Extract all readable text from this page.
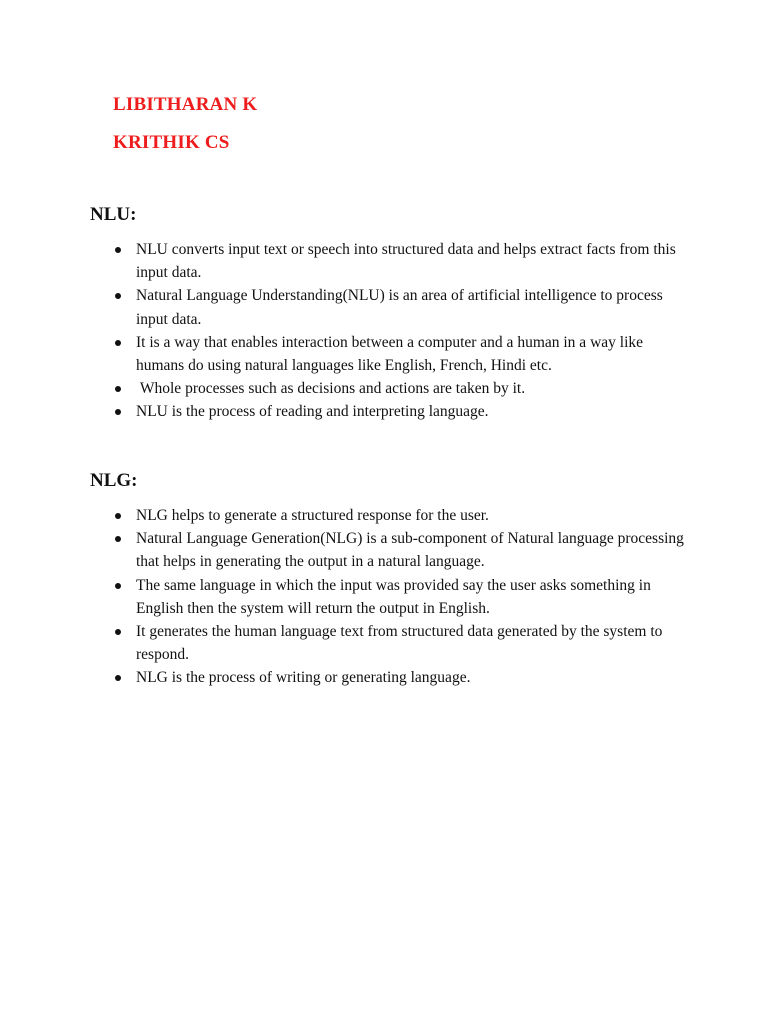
LIBITHARAN K
KRITHIK CS
NLU:
NLU converts input text or speech into structured data and helps extract facts from this input data.
Natural Language Understanding(NLU) is an area of artificial intelligence to process input data.
It is a way that enables interaction between a computer and a human in a way like humans do using natural languages like English, French, Hindi etc.
Whole processes such as decisions and actions are taken by it.
NLU is the process of reading and interpreting language.
NLG:
NLG helps to generate a structured response for the user.
Natural Language Generation(NLG) is a sub-component of Natural language processing that helps in generating the output in a natural language.
The same language in which the input was provided say the user asks something in English then the system will return the output in English.
It generates the human language text from structured data generated by the system to respond.
NLG is the process of writing or generating language.
